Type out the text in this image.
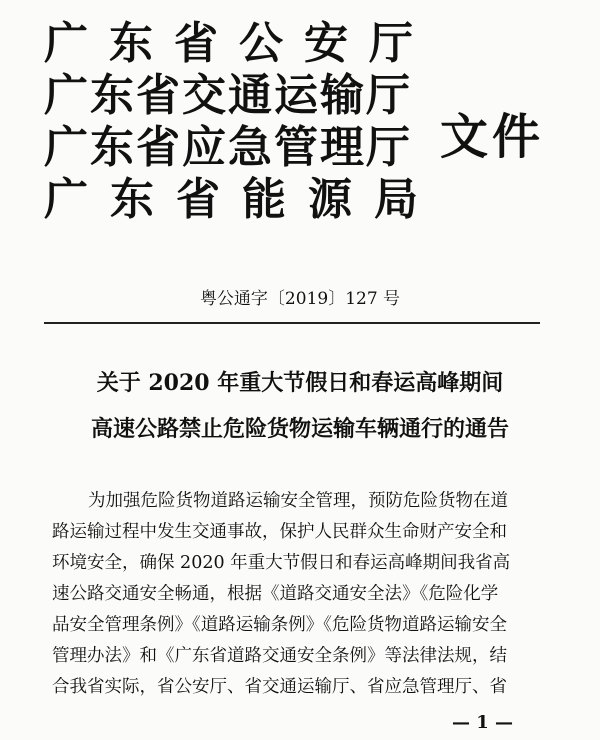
广东省公安厅
广东省交通运输厅
广东省应急管理厅
广东省能源局
文件
粤公通字〔2019〕127 号
关于 2020 年重大节假日和春运高峰期间
高速公路禁止危险货物运输车辆通行的通告
为加强危险货物道路运输安全管理，预防危险货物在道
路运输过程中发生交通事故，保护人民群众生命财产安全和
环境安全，确保 2020 年重大节假日和春运高峰期间我省高
速公路交通安全畅通，根据《道路交通安全法》《危险化学
品安全管理条例》《道路运输条例》《危险货物道路运输安全
管理办法》和《广东省道路交通安全条例》等法律法规，结
合我省实际，省公安厅、省交通运输厅、省应急管理厅、省
— 1 —
